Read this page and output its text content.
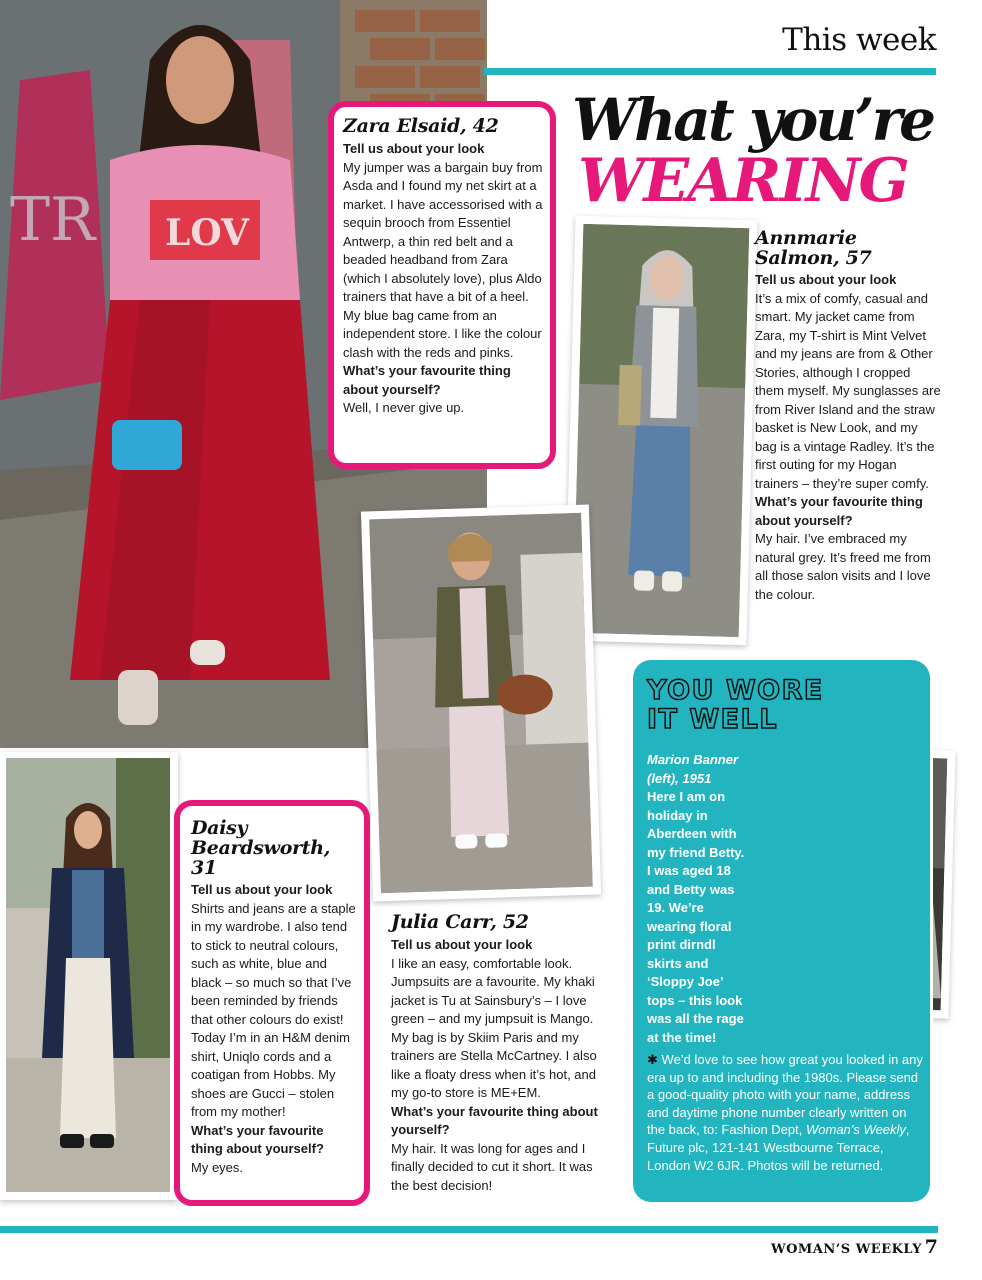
LOV
TR
This week
What you’re
WEARING
Zara Elsaid, 42
Tell us about your look
My jumper was a bargain buy from Asda and I found my net skirt at a market. I have accessorised with a sequin brooch from Essentiel Antwerp, a thin red belt and a beaded headband from Zara (which I absolutely love), plus Aldo trainers that have a bit of a heel. My blue bag came from an independent store. I like the colour clash with the reds and pinks.
What’s your favourite thing about yourself?
Well, I never give up.
Annmarie
Salmon, 57
Tell us about your look
It’s a mix of comfy, casual and smart. My jacket came from Zara, my T-shirt is Mint Velvet and my jeans are from & Other Stories, although I cropped them myself. My sunglasses are from River Island and the straw basket is New Look, and my bag is a vintage Radley. It’s the first outing for my Hogan trainers – they’re super comfy.
What’s your favourite thing about yourself?
My hair. I’ve embraced my natural grey. It’s freed me from all those salon visits and I love the colour.
Daisy
Beardsworth, 31
Tell us about your look
Shirts and jeans are a staple in my wardrobe. I also tend to stick to neutral colours, such as white, blue and black – so much so that I’ve been reminded by friends that other colours do exist! Today I’m in an H&M denim shirt, Uniqlo cords and a coatigan from Hobbs. My shoes are Gucci – stolen from my mother!
What’s your favourite thing about yourself?
My eyes.
Julia Carr, 52
Tell us about your look
I like an easy, comfortable look. Jumpsuits are a favourite. My khaki jacket is Tu at Sainsbury’s – I love green – and my jumpsuit is Mango. My bag is by Skiim Paris and my trainers are Stella McCartney. I also like a floaty dress when it’s hot, and my go-to store is ME+EM.
What’s your favourite thing about yourself?
My hair. It was long for ages and I finally decided to cut it short. It was the best decision!
YOU WORE
IT WELL
Marion Banner (left), 1951
Here I am on holiday in Aberdeen with my friend Betty. I was aged 18 and Betty was 19. We’re wearing floral print dirndl skirts and ‘Sloppy Joe’ tops – this look was all the rage at the time!
✱ We’d love to see how great you looked in any era up to and including the 1980s. Please send a good-quality photo with your name, address and daytime phone number clearly written on the back, to: Fashion Dept, Woman’s Weekly, Future plc, 121-141 Westbourne Terrace, London W2 6JR. Photos will be returned.
WOMAN’S WEEKLY 7
